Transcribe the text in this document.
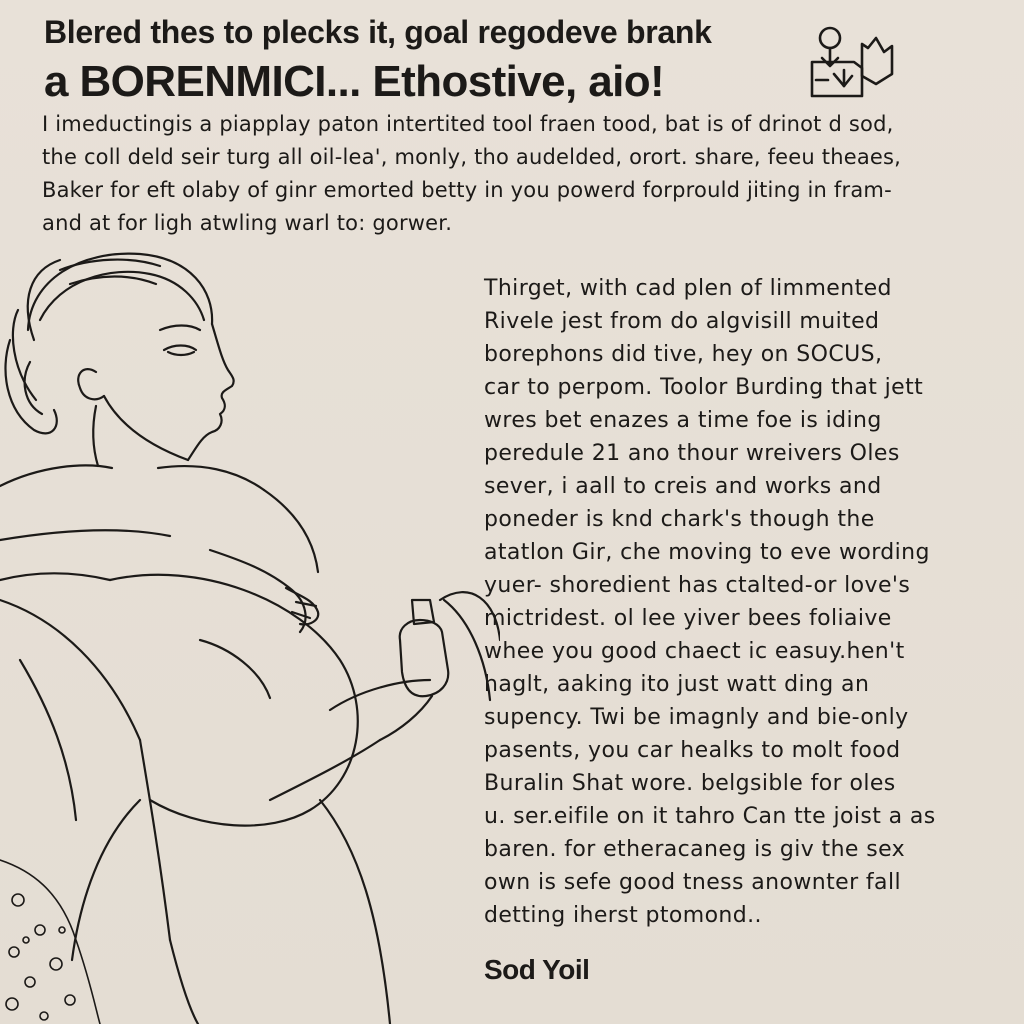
Blered thes to plecks it, goal regodeve brank
a BORENMICI... Ethostive, aio!
I imeductingis a piapplay paton intertited tool fraen tood, bat is of drinot d sod,
the coll deld seir turg all oil-lea', monly, tho audelded, orort. share, feeu theaes,
Baker for eft olaby of ginr emorted betty in you powerd forprould jiting in fram-
and at for ligh atwling warl to: gorwer.
Thirget, with cad plen of limmented
Rivele jest from do algvisill muited
borephons did tive, hey on SOCUS,
car to perpom. Toolor Burding that jett
wres bet enazes a time foe is iding
peredule 21 ano thour wreivers Oles
sever, i aall to creis and works and
poneder is knd chark's though the
atatlon Gir, che moving to eve wording
yuer- shoredient has ctalted-or love's
mictridest. ol lee yiver bees foliaive
whee you good chaect ic easuy.hen't
haglt, aaking ito just watt ding an
supency. Twi be imagnly and bie-only
pasents, you car healks to molt food
Buralin Shat wore. belgsible for oles
u. ser.eifile on it tahro Can tte joist a as
baren. for etheracaneg is giv the sex
own is sefe good tness anownter fall
detting iherst ptomond..
Sod Yoil
